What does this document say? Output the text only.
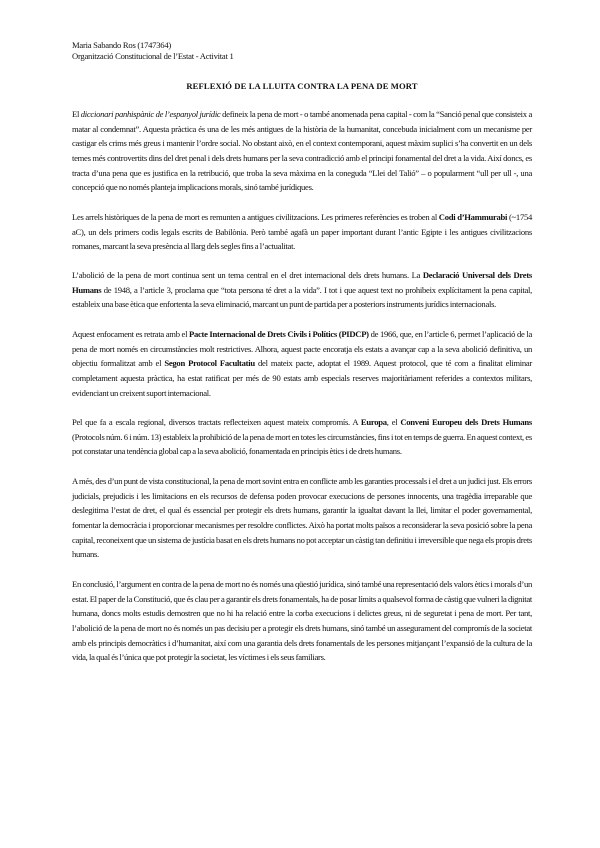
Maria Sabando Ros (1747364)

Organització Constitucional de l’Estat - Activitat 1

REFLEXIÓ DE LA LLUITA CONTRA LA PENA DE MORT

El diccionari panhispànic de l’espanyol jurídic defineix la pena de mort - o també anomenada pena capital - com la “Sanció penal que consisteix a matar al condemnat”. Aquesta pràctica és una de les més antigues de la història de la humanitat, concebuda inicialment com un mecanisme per castigar els crims més greus i mantenir l’ordre social. No obstant això, en el context contemporani, aquest màxim suplici s’ha convertit en un dels temes més controvertits dins del dret penal i dels drets humans per la seva contradicció amb el principi fonamental del dret a la vida. Així doncs, es tracta d’una pena que es justifica en la retribució, que troba la seva màxima en la coneguda “Llei del Talió” – o popularment “ull per ull -, una concepció que no només planteja implicacions morals, sinó també jurídiques.

Les arrels històriques de la pena de mort es remunten a antigues civilitzacions. Les primeres referències es troben al Codi d’Hammurabi (~1754 aC), un dels primers codis legals escrits de Babilònia. Però també agafà un paper important durant l’antic Egipte i les antigues civilitzacions romanes, marcant la seva presència al llarg dels segles fins a l’actualitat.

L’abolició de la pena de mort continua sent un tema central en el dret internacional dels drets humans. La Declaració Universal dels Drets Humans de 1948, a l’article 3, proclama que “tota persona té dret a la vida”. I tot i que aquest text no prohibeix explícitament la pena capital, estableix una base ètica que enfortenta la seva eliminació, marcant un punt de partida per a posteriors instruments jurídics internacionals.

Aquest enfocament es retrata amb el Pacte Internacional de Drets Civils i Polítics (PIDCP) de 1966, que, en l’article 6, permet l’aplicació de la pena de mort només en circumstàncies molt restrictives. Alhora, aquest pacte encoratja els estats a avançar cap a la seva abolició definitiva, un objectiu formalitzat amb el Segon Protocol Facultatiu del mateix pacte, adoptat el 1989. Aquest protocol, que té com a finalitat eliminar completament aquesta pràctica, ha estat ratificat per més de 90 estats amb especials reserves majoritàriament referides a contextos militars, evidenciant un creixent suport internacional.

Pel que fa a escala regional, diversos tractats reflecteixen aquest mateix compromís. A Europa, el Conveni Europeu dels Drets Humans (Protocols núm. 6 i núm. 13) estableix la prohibició de la pena de mort en totes les circumstàncies, fins i tot en temps de guerra. En aquest context, es pot constatar una tendència global cap a la seva abolició, fonamentada en principis ètics i de drets humans.

A més, des d’un punt de vista constitucional, la pena de mort sovint entra en conflicte amb les garanties processals i el dret a un judici just. Els errors judicials, prejudicis i les limitacions en els recursos de defensa poden provocar execucions de persones innocents, una tragèdia irreparable que deslegitima l’estat de dret, el qual és essencial per protegir els drets humans, garantir la igualtat davant la llei, limitar el poder governamental, fomentar la democràcia i proporcionar mecanismes per resoldre conflictes. Això ha portat molts països a reconsiderar la seva posició sobre la pena capital, reconeixent que un sistema de justícia basat en els drets humans no pot acceptar un càstig tan definitiu i irreversible que nega els propis drets humans.

En conclusió, l’argument en contra de la pena de mort no és només una qüestió jurídica, sinó també una representació dels valors ètics i morals d’un estat. El paper de la Constitució, que és clau per a garantir els drets fonamentals, ha de posar límits a qualsevol forma de càstig que vulneri la dignitat humana, doncs molts estudis demostren que no hi ha relació entre la corba execucions i delictes greus, ni de seguretat i pena de mort. Per tant, l’abolició de la pena de mort no és només un pas decisiu per a protegir els drets humans, sinó també un assegurament del compromís de la societat amb els principis democràtics i d’humanitat, així com una garantia dels drets fonamentals de les persones mitjançant l’expansió de la cultura de la vida, la qual és l’única que pot protegir la societat, les víctimes i els seus familiars.
